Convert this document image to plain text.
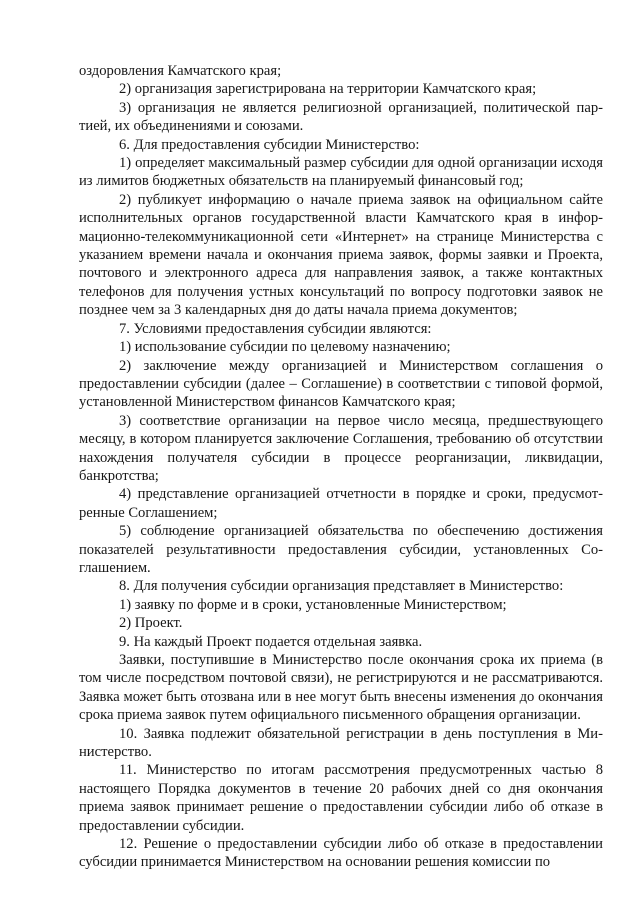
оздоровления Камчатского края;

2) организация зарегистрирована на территории Камчатского края;

3) организация не является религиозной организацией, политической партией, их объединениями и союзами.

6. Для предоставления субсидии Министерство:

1) определяет максимальный размер субсидии для одной организации исходя из лимитов бюджетных обязательств на планируемый финансовый год;

2) публикует информацию о начале приема заявок на официальном сайте исполнительных органов государственной власти Камчатского края в информационно-телекоммуникационной сети «Интернет» на странице Министерства с указанием времени начала и окончания приема заявок, формы заявки и Проекта, почтового и электронного адреса для направления заявок, а также контактных телефонов для получения устных консультаций по вопросу подготовки заявок не позднее чем за 3 календарных дня до даты начала приема документов;

7. Условиями предоставления субсидии являются:

1) использование субсидии по целевому назначению;

2) заключение между организацией и Министерством соглашения о предоставлении субсидии (далее – Соглашение) в соответствии с типовой формой, установленной Министерством финансов Камчатского края;

3) соответствие организации на первое число месяца, предшествующего месяцу, в котором планируется заключение Соглашения, требованию об отсутствии нахождения получателя субсидии в процессе реорганизации, ликвидации, банкротства;

4) представление организацией отчетности в порядке и сроки, предусмотренные Соглашением;

5) соблюдение организацией обязательства по обеспечению достижения показателей результативности предоставления субсидии, установленных Соглашением.

8. Для получения субсидии организация представляет в Министерство:

1) заявку по форме и в сроки, установленные Министерством;

2) Проект.

9. На каждый Проект подается отдельная заявка.

Заявки, поступившие в Министерство после окончания срока их приема (в том числе посредством почтовой связи), не регистрируются и не рассматриваются. Заявка может быть отозвана или в нее могут быть внесены изменения до окончания срока приема заявок путем официального письменного обращения организации.

10. Заявка подлежит обязательной регистрации в день поступления в Министерство.

11. Министерство по итогам рассмотрения предусмотренных частью 8 настоящего Порядка документов в течение 20 рабочих дней со дня окончания приема заявок принимает решение о предоставлении субсидии либо об отказе в предоставлении субсидии.

12. Решение о предоставлении субсидии либо об отказе в предоставлении субсидии принимается Министерством на основании решения комиссии по
